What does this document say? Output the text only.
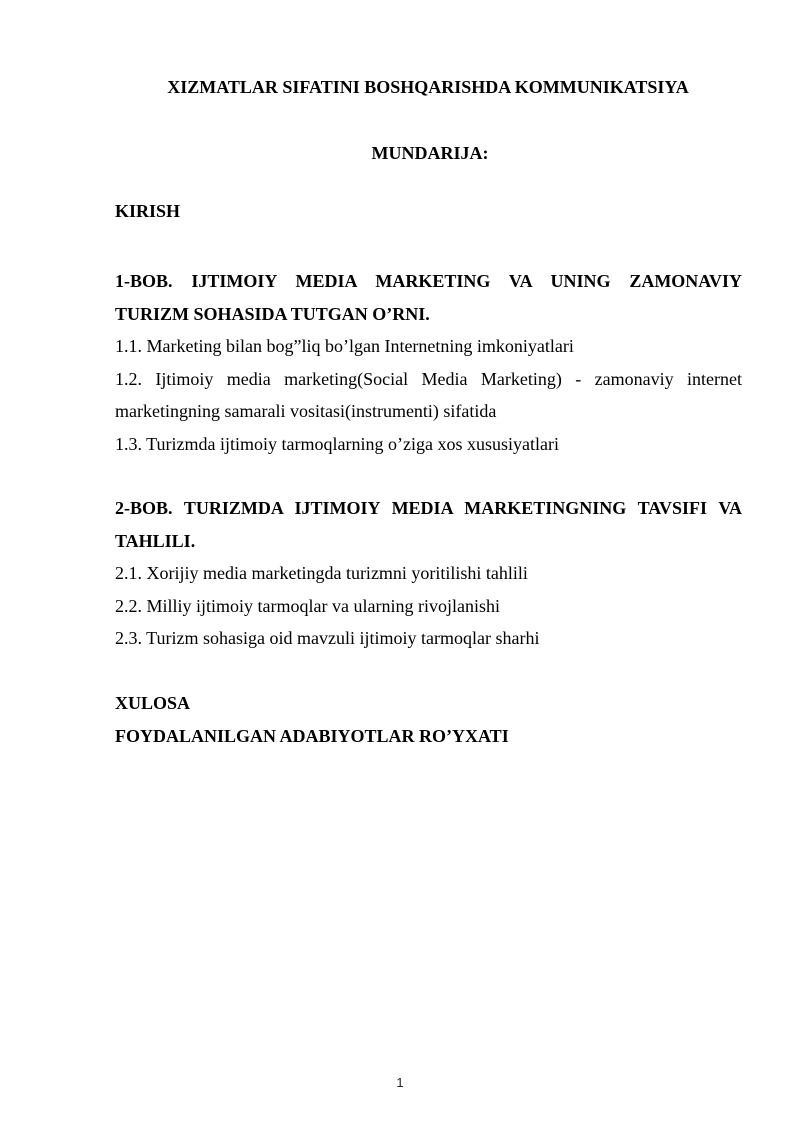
XIZMATLAR SIFATINI BOSHQARISHDA KOMMUNIKATSIYA
MUNDARIJA:
KIRISH
1-BOB. IJTIMOIY MEDIA MARKETING VA UNING ZAMONAVIY
TURIZM SOHASIDA TUTGAN O’RNI.
1.1. Marketing bilan bog”liq bo’lgan Internetning imkoniyatlari
1.2. Ijtimoiy media marketing(Social Media Marketing) - zamonaviy internet
marketingning samarali vositasi(instrumenti) sifatida
1.3. Turizmda ijtimoiy tarmoqlarning o’ziga xos xususiyatlari
2-BOB. TURIZMDA IJTIMOIY MEDIA MARKETINGNING TAVSIFI VA
TAHLILI.
2.1. Xorijiy media marketingda turizmni yoritilishi tahlili
2.2. Milliy ijtimoiy tarmoqlar va ularning rivojlanishi
2.3. Turizm sohasiga oid mavzuli ijtimoiy tarmoqlar sharhi
XULOSA
FOYDALANILGAN ADABIYOTLAR RO’YXATI
1
